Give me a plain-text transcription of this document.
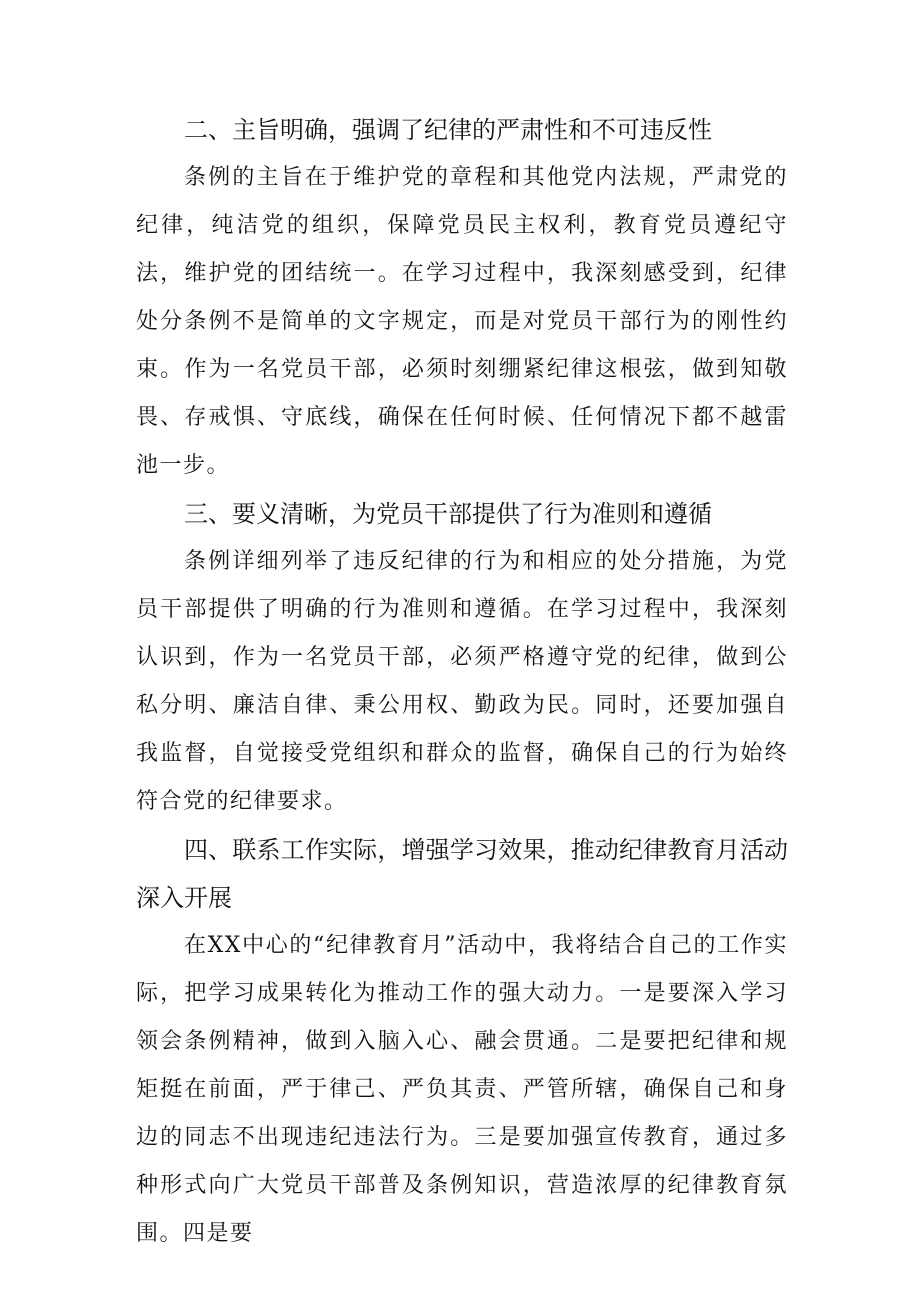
二、主旨明确，强调了纪律的严肃性和不可违反性

条例的主旨在于维护党的章程和其他党内法规，严肃党的纪律，纯洁党的组织，保障党员民主权利，教育党员遵纪守法，维护党的团结统一。在学习过程中，我深刻感受到，纪律处分条例不是简单的文字规定，而是对党员干部行为的刚性约束。作为一名党员干部，必须时刻绷紧纪律这根弦，做到知敬畏、存戒惧、守底线，确保在任何时候、任何情况下都不越雷池一步。

三、要义清晰，为党员干部提供了行为准则和遵循

条例详细列举了违反纪律的行为和相应的处分措施，为党员干部提供了明确的行为准则和遵循。在学习过程中，我深刻认识到，作为一名党员干部，必须严格遵守党的纪律，做到公私分明、廉洁自律、秉公用权、勤政为民。同时，还要加强自我监督，自觉接受党组织和群众的监督，确保自己的行为始终符合党的纪律要求。

四、联系工作实际，增强学习效果，推动纪律教育月活动深入开展

在XX中心的“纪律教育月”活动中，我将结合自己的工作实际，把学习成果转化为推动工作的强大动力。一是要深入学习领会条例精神，做到入脑入心、融会贯通。二是要把纪律和规矩挺在前面，严于律己、严负其责、严管所辖，确保自己和身边的同志不出现违纪违法行为。三是要加强宣传教育，通过多种形式向广大党员干部普及条例知识，营造浓厚的纪律教育氛围。四是要
